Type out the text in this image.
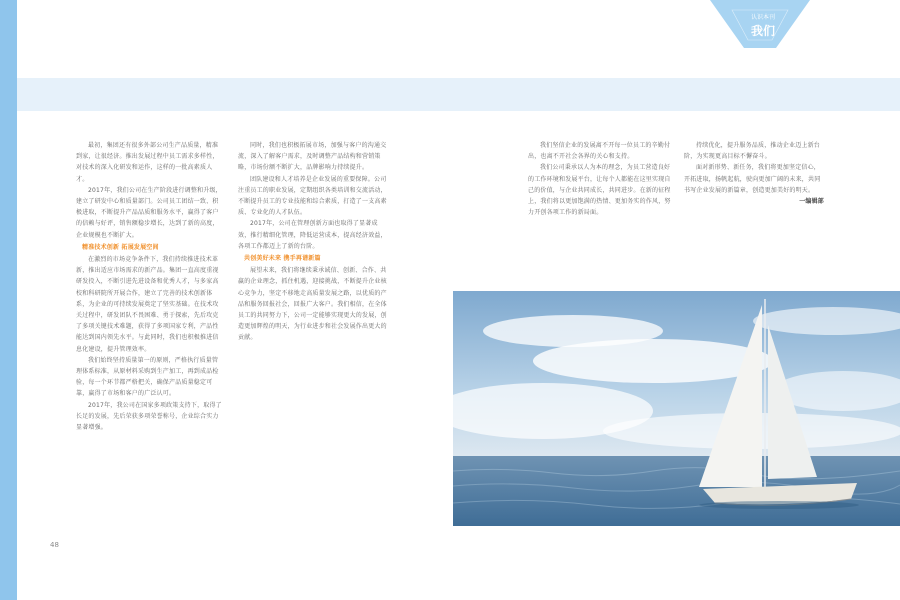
认识本刊
我们

最初，集团还有很多外部公司生产品质量，精准到家，让很经济。推出发展过程中员工需求多样性，对技术的深入化研发和运作，这样的一批高素质人才。

2017年，我们公司在生产阶段进行调整和升级，建立了研发中心和质量部门。公司员工团结一致、积极进取，不断提升产品品质和服务水平，赢得了客户的信赖与好评，销售额稳步增长，达到了新的高度，企业规模也不断扩大。

精准技术创新 拓展发展空间

在激烈的市场竞争条件下，我们持续推进技术革新，推出适应市场需求的新产品。集团一直高度重视研发投入，不断引进先进设备和优秀人才，与多家高校和科研院所开展合作，建立了完善的技术创新体系，为企业的可持续发展奠定了坚实基础。在技术攻关过程中，研发团队不畏困难、勇于探索，先后攻克了多项关键技术难题，获得了多项国家专利，产品性能达到国内领先水平。与此同时，我们也积极推进信息化建设，提升管理效率。

我们始终坚持质量第一的原则，严格执行质量管理体系标准，从原材料采购到生产加工，再到成品检验，每一个环节都严格把关，确保产品质量稳定可靠，赢得了市场和客户的广泛认可。

2017年，我公司在国家多项政策支持下，取得了长足的发展，先后荣获多项荣誉称号，企业综合实力显著增强。

同时，我们也积极拓展市场，加强与客户的沟通交流，深入了解客户需求，及时调整产品结构和营销策略，市场份额不断扩大，品牌影响力持续提升。

团队建设和人才培养是企业发展的重要保障。公司注重员工的职业发展，定期组织各类培训和交流活动，不断提升员工的专业技能和综合素质，打造了一支高素质、专业化的人才队伍。

2017年，公司在管理创新方面也取得了显著成效，推行精细化管理，降低运营成本，提高经济效益，各项工作都迈上了新的台阶。

共创美好未来 携手再谱新篇

展望未来，我们将继续秉承诚信、创新、合作、共赢的企业理念，抓住机遇，迎接挑战，不断提升企业核心竞争力，坚定不移地走高质量发展之路，以优质的产品和服务回报社会，回报广大客户。我们相信，在全体员工的共同努力下，公司一定能够实现更大的发展，创造更加辉煌的明天，为行业进步和社会发展作出更大的贡献。

我们坚信企业的发展离不开每一位员工的辛勤付出，也离不开社会各界的关心和支持。

我们公司秉承以人为本的理念，为员工营造良好的工作环境和发展平台，让每个人都能在这里实现自己的价值，与企业共同成长，共同进步。在新的征程上，我们将以更加饱满的热情、更加务实的作风，努力开创各项工作的新局面。

持续优化，提升服务品质，推动企业迈上新台阶，为实现更高目标不懈奋斗。

面对新形势、新任务，我们将更加坚定信心，开拓进取，扬帆起航，驶向更加广阔的未来，共同书写企业发展的新篇章，创造更加美好的明天。

一编辑部

48
